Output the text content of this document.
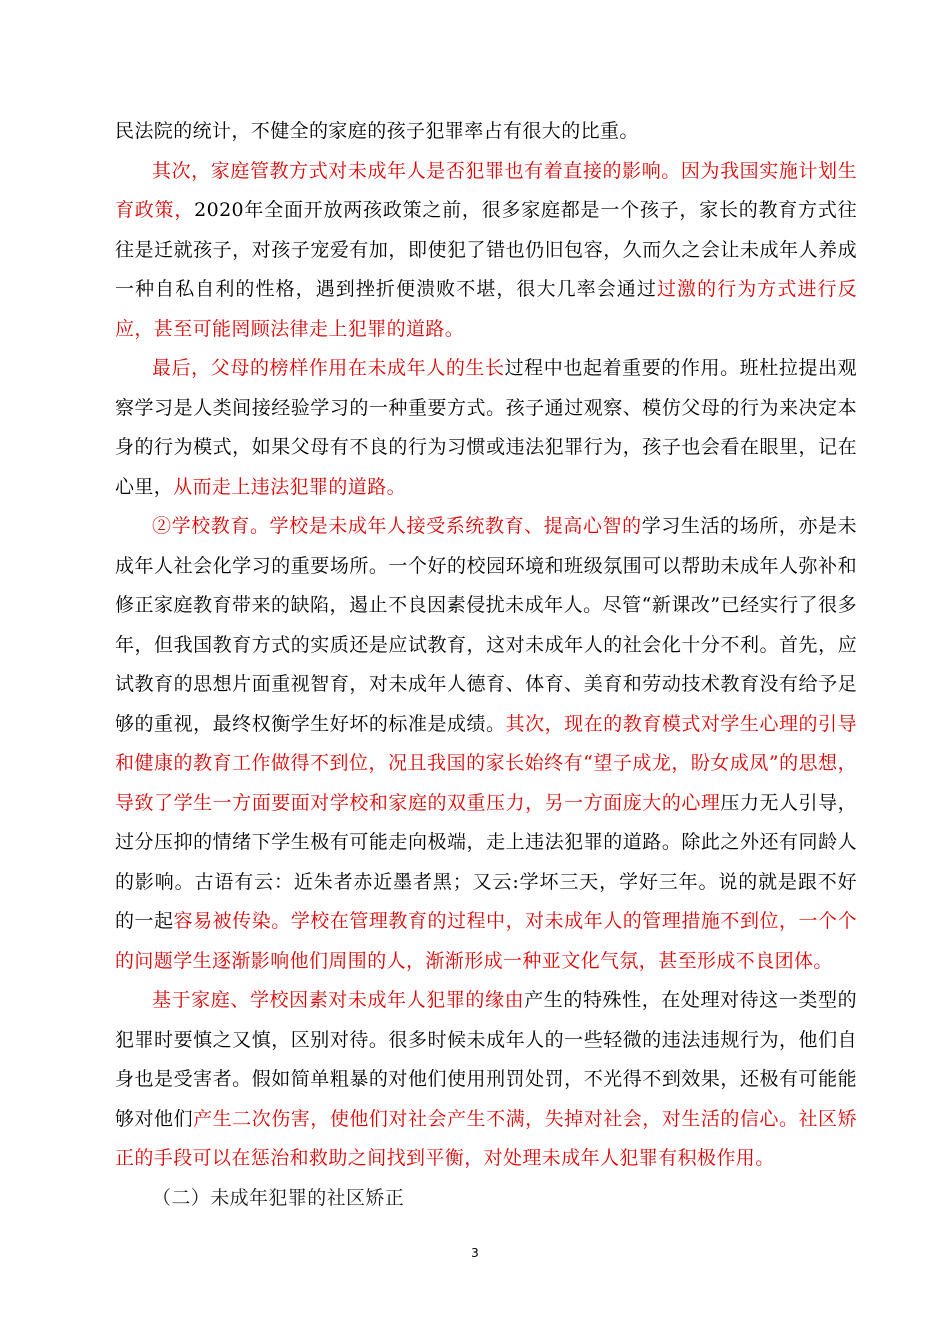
民法院的统计，不健全的家庭的孩子犯罪率占有很大的比重。

其次，家庭管教方式对未成年人是否犯罪也有着直接的影响。因为我国实施计划生育政策，2020年全面开放两孩政策之前，很多家庭都是一个孩子，家长的教育方式往往是迁就孩子，对孩子宠爱有加，即使犯了错也仍旧包容，久而久之会让未成年人养成一种自私自利的性格，遇到挫折便溃败不堪，很大几率会通过过激的行为方式进行反应，甚至可能罔顾法律走上犯罪的道路。

最后，父母的榜样作用在未成年人的生长过程中也起着重要的作用。班杜拉提出观察学习是人类间接经验学习的一种重要方式。孩子通过观察、模仿父母的行为来决定本身的行为模式，如果父母有不良的行为习惯或违法犯罪行为，孩子也会看在眼里，记在心里，从而走上违法犯罪的道路。

②学校教育。学校是未成年人接受系统教育、提高心智的学习生活的场所，亦是未成年人社会化学习的重要场所。一个好的校园环境和班级氛围可以帮助未成年人弥补和修正家庭教育带来的缺陷，遏止不良因素侵扰未成年人。尽管“新课改”已经实行了很多年，但我国教育方式的实质还是应试教育，这对未成年人的社会化十分不利。首先，应试教育的思想片面重视智育，对未成年人德育、体育、美育和劳动技术教育没有给予足够的重视，最终权衡学生好坏的标准是成绩。其次，现在的教育模式对学生心理的引导和健康的教育工作做得不到位，况且我国的家长始终有“望子成龙，盼女成凤”的思想，导致了学生一方面要面对学校和家庭的双重压力，另一方面庞大的心理压力无人引导，过分压抑的情绪下学生极有可能走向极端，走上违法犯罪的道路。除此之外还有同龄人的影响。古语有云：近朱者赤近墨者黑；又云:学坏三天，学好三年。说的就是跟不好的一起容易被传染。学校在管理教育的过程中，对未成年人的管理措施不到位，一个个的问题学生逐渐影响他们周围的人，渐渐形成一种亚文化气氛，甚至形成不良团体。

基于家庭、学校因素对未成年人犯罪的缘由产生的特殊性，在处理对待这一类型的犯罪时要慎之又慎，区别对待。很多时候未成年人的一些轻微的违法违规行为，他们自身也是受害者。假如简单粗暴的对他们使用刑罚处罚，不光得不到效果，还极有可能能够对他们产生二次伤害，使他们对社会产生不满，失掉对社会，对生活的信心。社区矫正的手段可以在惩治和救助之间找到平衡，对处理未成年人犯罪有积极作用。

（二）未成年犯罪的社区矫正

3
